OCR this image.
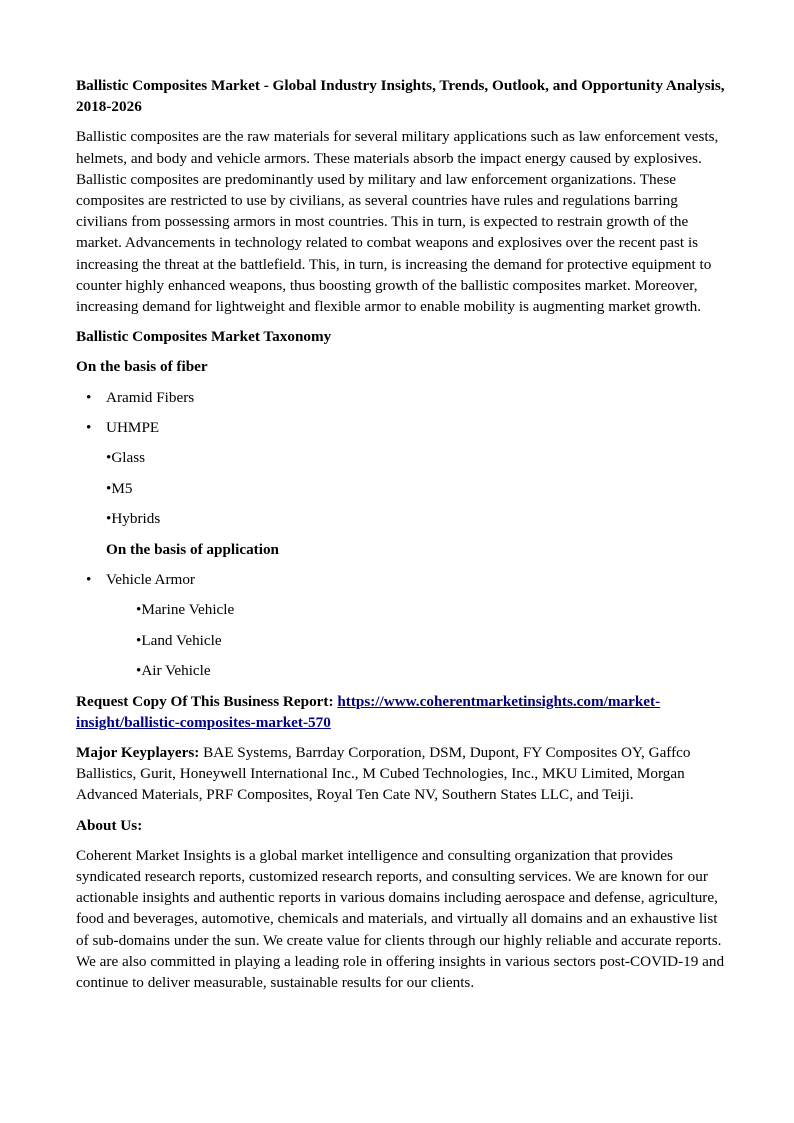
Ballistic Composites Market - Global Industry Insights, Trends, Outlook, and Opportunity Analysis, 2018-2026

Ballistic composites are the raw materials for several military applications such as law enforcement vests, helmets, and body and vehicle armors. These materials absorb the impact energy caused by explosives. Ballistic composites are predominantly used by military and law enforcement organizations. These composites are restricted to use by civilians, as several countries have rules and regulations barring civilians from possessing armors in most countries. This in turn, is expected to restrain growth of the market. Advancements in technology related to combat weapons and explosives over the recent past is increasing the threat at the battlefield. This, in turn, is increasing the demand for protective equipment to counter highly enhanced weapons, thus boosting growth of the ballistic composites market. Moreover, increasing demand for lightweight and flexible armor to enable mobility is augmenting market growth.

Ballistic Composites Market Taxonomy

On the basis of fiber

• Aramid Fibers
• UHMPE

•Glass

•M5

•Hybrids

On the basis of application

• Vehicle Armor

•Marine Vehicle

•Land Vehicle

•Air Vehicle

Request Copy Of This Business Report: https://www.coherentmarketinsights.com/market-insight/ballistic-composites-market-570

Major Keyplayers: BAE Systems, Barrday Corporation, DSM, Dupont, FY Composites OY, Gaffco Ballistics, Gurit, Honeywell International Inc., M Cubed Technologies, Inc., MKU Limited, Morgan Advanced Materials, PRF Composites, Royal Ten Cate NV, Southern States LLC, and Teiji.

About Us:

Coherent Market Insights is a global market intelligence and consulting organization that provides syndicated research reports, customized research reports, and consulting services. We are known for our actionable insights and authentic reports in various domains including aerospace and defense, agriculture, food and beverages, automotive, chemicals and materials, and virtually all domains and an exhaustive list of sub-domains under the sun. We create value for clients through our highly reliable and accurate reports. We are also committed in playing a leading role in offering insights in various sectors post-COVID-19 and continue to deliver measurable, sustainable results for our clients.
